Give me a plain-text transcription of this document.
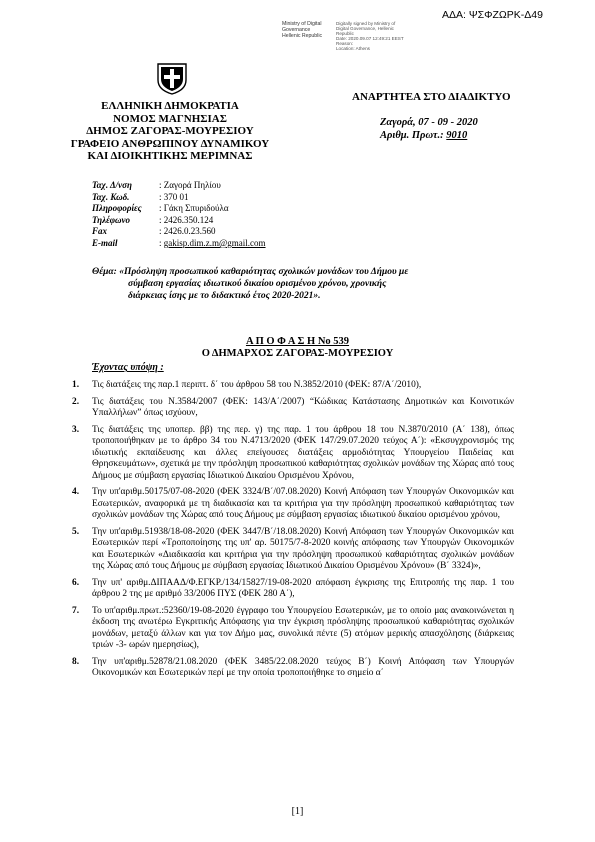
ΑΔΑ: ΨΣΦΖΩΡΚ-Δ49
Ministry of Digital
Governance
Hellenic Republic
Digitally signed by Ministry of
Digital Governance, Hellenic
Republic
Date: 2020.09.07 12:49:21 EEST
Reason:
Location: Athens
ΕΛΛΗΝΙΚΗ ΔΗΜΟΚΡΑΤΙΑ
ΝΟΜΟΣ ΜΑΓΝΗΣΙΑΣ
ΔΗΜΟΣ ΖΑΓΟΡΑΣ-ΜΟΥΡΕΣΙΟΥ
ΓΡΑΦΕΙΟ ΑΝΘΡΩΠΙΝΟΥ ΔΥΝΑΜΙΚΟΥ
ΚΑΙ ΔΙΟΙΚΗΤΙΚΗΣ ΜΕΡΙΜΝΑΣ
ΑΝΑΡΤΗΤΕΑ ΣΤΟ ΔΙΑΔΙΚΤΥΟ
Ζαγορά, 07 - 09 - 2020
Αριθμ. Πρωτ.: 9010
Ταχ. Δ/νση	: Ζαγορά Πηλίου
Ταχ. Κωδ.	: 370 01
Πληροφορίες	: Γάκη Σπυριδούλα
Τηλέφωνο	: 2426.350.124
Fax	: 2426.0.23.560
E-mail	: gakisp.dim.z.m@gmail.com
Θέμα: «Πρόσληψη προσωπικού καθαριότητας σχολικών μονάδων του Δήμου με
σύμβαση εργασίας ιδιωτικού δικαίου ορισμένου χρόνου, χρονικής
διάρκειας ίσης με το διδακτικό έτος 2020-2021».
Α Π Ο Φ Α Σ Η Νο 539
Ο ΔΗΜΑΡΧΟΣ ΖΑΓΟΡΑΣ-ΜΟΥΡΕΣΙΟΥ
Έχοντας υπόψη :
1.	Τις διατάξεις της παρ.1 περιπτ. δ΄ του άρθρου 58 του Ν.3852/2010 (ΦΕΚ: 87/Α΄/2010),
2.	Τις διατάξεις του Ν.3584/2007 (ΦΕΚ: 143/Α΄/2007) “Κώδικας Κατάστασης Δημοτικών και Κοινοτικών Υπαλλήλων” όπως ισχύουν,
3.	Τις διατάξεις της υποπερ. ββ) της περ. γ) της παρ. 1 του άρθρου 18 του Ν.3870/2010 (Α΄ 138), όπως τροποποιήθηκαν με το άρθρο 34 του Ν.4713/2020 (ΦΕΚ 147/29.07.2020 τεύχος Α΄): «Εκσυγχρονισμός της ιδιωτικής εκπαίδευσης και άλλες επείγουσες διατάξεις αρμοδιότητας Υπουργείου Παιδείας και Θρησκευμάτων», σχετικά με την πρόσληψη προσωπικού καθαριότητας σχολικών μονάδων της Χώρας από τους Δήμους με σύμβαση εργασίας Ιδιωτικού Δικαίου Ορισμένου Χρόνου,
4.	Την υπ'αριθμ.50175/07-08-2020 (ΦΕΚ 3324/Β΄/07.08.2020) Κοινή Απόφαση των Υπουργών Οικονομικών και Εσωτερικών, αναφορικά με τη διαδικασία και τα κριτήρια για την πρόσληψη προσωπικού καθαριότητας των σχολικών μονάδων της Χώρας από τους Δήμους με σύμβαση εργασίας ιδιωτικού δικαίου ορισμένου χρόνου,
5.	Την υπ'αριθμ.51938/18-08-2020 (ΦΕΚ 3447/Β΄/18.08.2020) Κοινή Απόφαση των Υπουργών Οικονομικών και Εσωτερικών περί «Τροποποίησης της υπ' αρ. 50175/7-8-2020 κοινής απόφασης των Υπουργών Οικονομικών και Εσωτερικών «Διαδικασία και κριτήρια για την πρόσληψη προσωπικού καθαριότητας σχολικών μονάδων της Χώρας από τους Δήμους με σύμβαση εργασίας Ιδιωτικού Δικαίου Ορισμένου Χρόνου» (Β΄ 3324)»,
6.	Την υπ' αριθμ.ΔΙΠΑΑΔ/Φ.ΕΓΚΡ./134/15827/19-08-2020 απόφαση έγκρισης της Επιτροπής της παρ. 1 του άρθρου 2 της με αριθμό 33/2006 ΠΥΣ (ΦΕΚ 280 Α΄),
7.	Το υπ'αριθμ.πρωτ.:52360/19-08-2020 έγγραφο του Υπουργείου Εσωτερικών, με το οποίο μας ανακοινώνεται η έκδοση της ανωτέρω Εγκριτικής Απόφασης για την έγκριση πρόσληψης προσωπικού καθαριότητας σχολικών μονάδων, μεταξύ άλλων και για τον Δήμο μας, συνολικά πέντε (5) ατόμων μερικής απασχόλησης (διάρκειας τριών -3- ωρών ημερησίως),
8.	Την υπ'αριθμ.52878/21.08.2020 (ΦΕΚ 3485/22.08.2020 τεύχος Β΄) Κοινή Απόφαση των Υπουργών Οικονομικών και Εσωτερικών περί με την οποία τροποποιήθηκε το σημείο α΄
[1]
